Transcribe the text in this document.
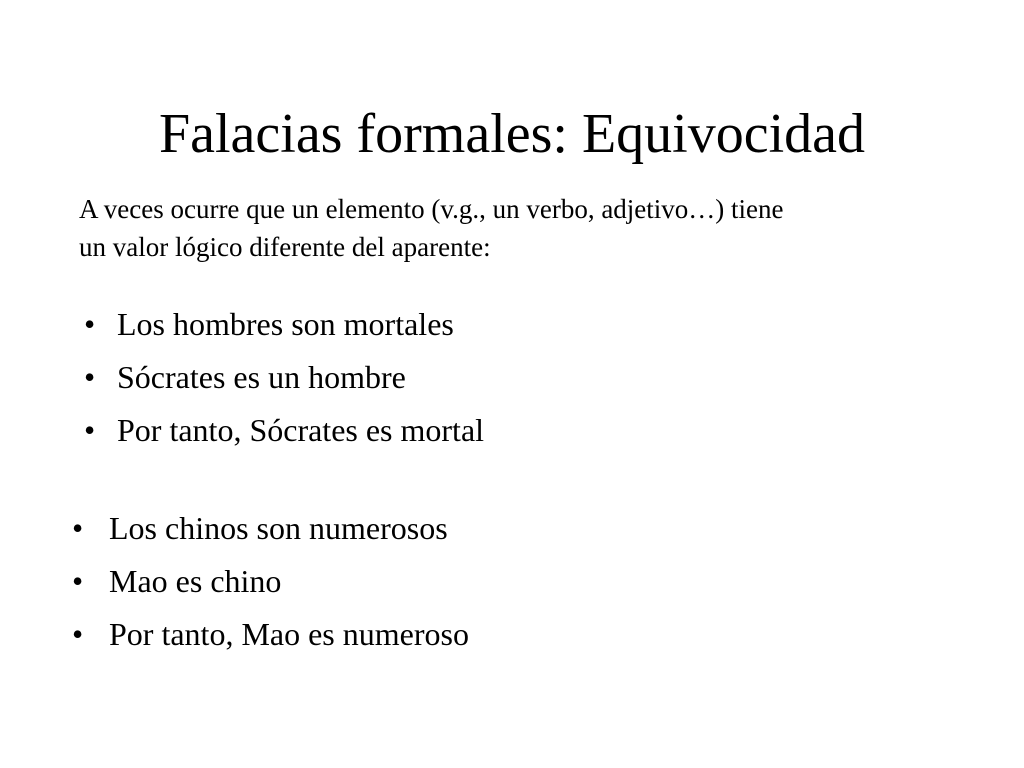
Falacias formales: Equivocidad

A veces ocurre que un elemento (v.g., un verbo, adjetivo…) tiene
un valor lógico diferente del aparente:

• Los hombres son mortales
• Sócrates es un hombre
• Por tanto, Sócrates es mortal
• Los chinos son numerosos
• Mao es chino
• Por tanto, Mao es numeroso
